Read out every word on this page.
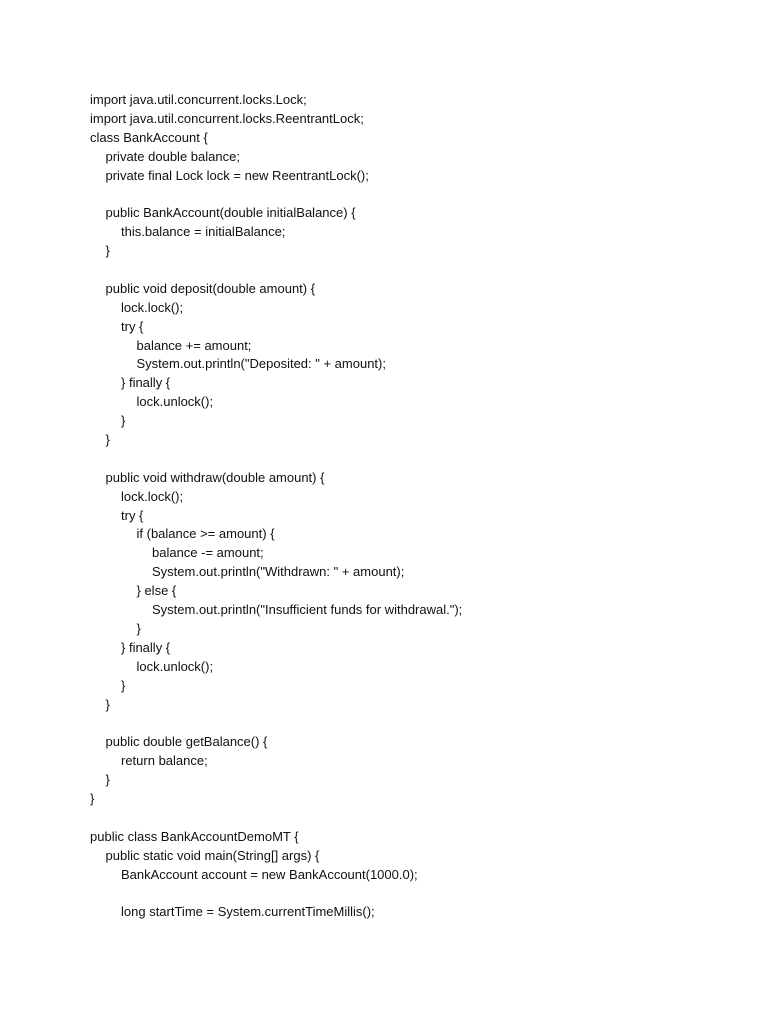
import java.util.concurrent.locks.Lock;
import java.util.concurrent.locks.ReentrantLock;
class BankAccount {
private double balance;
private final Lock lock = new ReentrantLock();
public BankAccount(double initialBalance) {
this.balance = initialBalance;
}
public void deposit(double amount) {
lock.lock();
try {
balance += amount;
System.out.println("Deposited: " + amount);
} finally {
lock.unlock();
}
}
public void withdraw(double amount) {
lock.lock();
try {
if (balance >= amount) {
balance -= amount;
System.out.println("Withdrawn: " + amount);
} else {
System.out.println("Insufficient funds for withdrawal.");
}
} finally {
lock.unlock();
}
}
public double getBalance() {
return balance;
}
}
public class BankAccountDemoMT {
public static void main(String[] args) {
BankAccount account = new BankAccount(1000.0);
long startTime = System.currentTimeMillis();
